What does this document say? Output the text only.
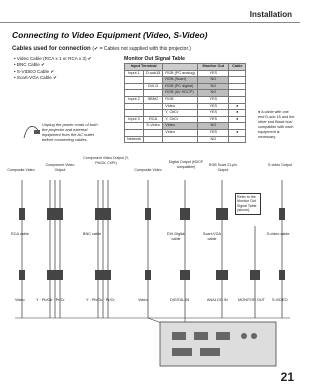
Installation
Connecting to Video Equipment (Video, S-Video)
Cables used for connection (✔ = Cables not supplied with this projector.)
• Video Cable (RCA x 1 or RCA x 3) ✔
• BNC Cable ✔
• S-VIDEO Cable ✔
• Scart-VGA Cable ✔
Monitor Out Signal Table
Input Terminal			Monitor Out	Cable
Input 1	D-sub15	RGB (PC analog)	YES	
		RGB (Scart)	NO	
	DVI-D	RGB (PC digital)	NO	
		RGB (AV HDCP)	NO	
Input 2	5BNC	RGB	YES	
		Video	YES	●
		Y, CbCr	YES	●
Input 3	RCA	Y, CbCr	YES	●
	S-Video	Video	NO	
		Video	YES	●
Network			NO	
● A cable with one end D-sub 15 and the other end Black box/ compatible with each equipment is necessary.
Unplug the power cords of both the projector and external equipment from the AC outlet before connecting cables.
Composite Video
Component Video Output
Component Video Output (Y, Pb/Cb, Cr/Pr)
Composite Video
Digital Output (HDCP compatible)	RGB Scart 21-pin Output
S-video Output
RCA cable	BNC cable	DVI-Digital cable
Scart-VGA cable
S-video cable
Refer to the Monitor Out Signal Table (above).
Video	Y · Pb/Cb · Pr/Cr	Y · Pb/Cb · Pr/Cr	Video	DIGITAL IN	ANALOG IN	MONITOR OUT S-VIDEO
21
